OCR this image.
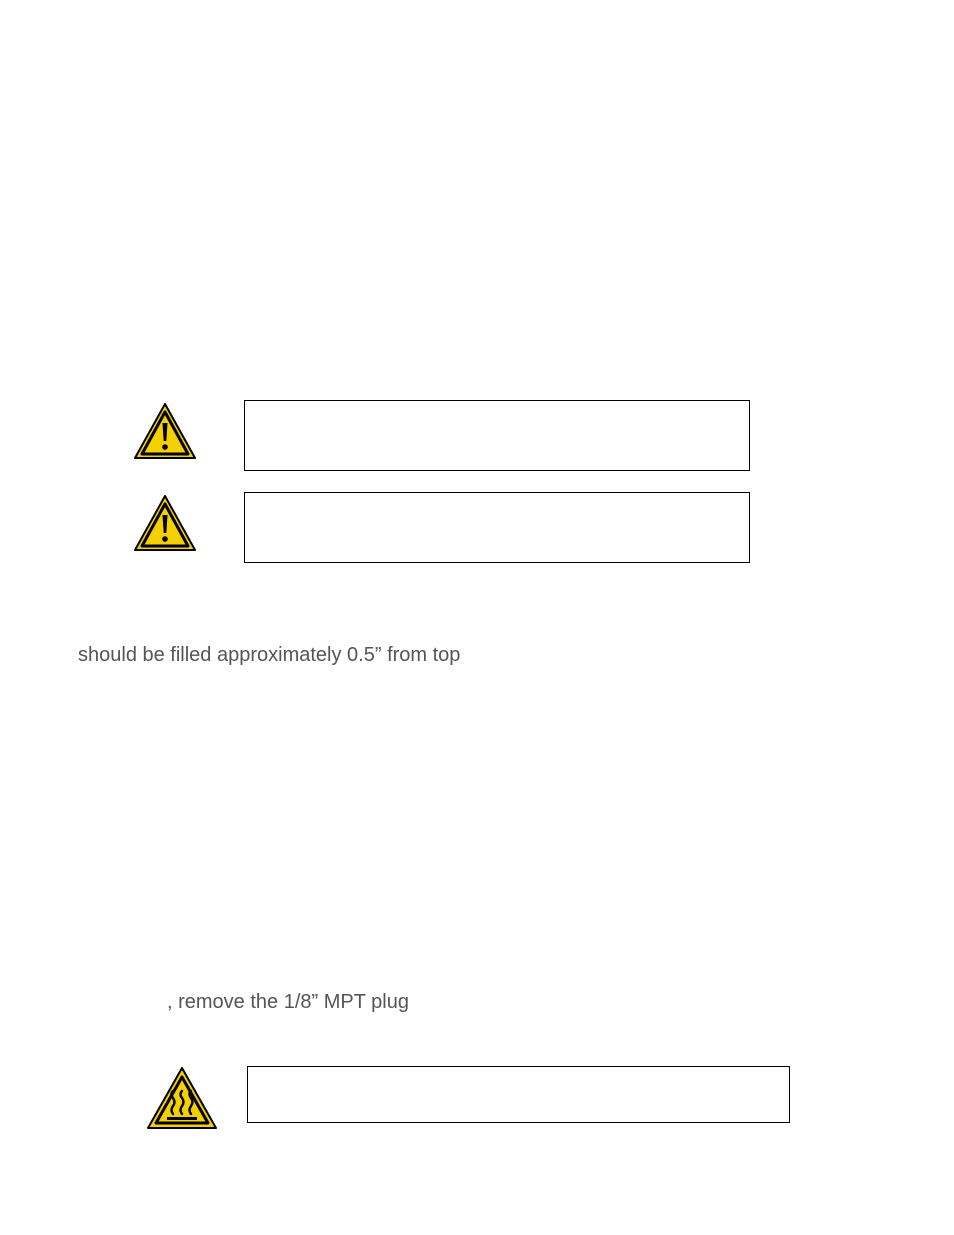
should be filled approximately 0.5” from top
, remove the 1/8” MPT plug
